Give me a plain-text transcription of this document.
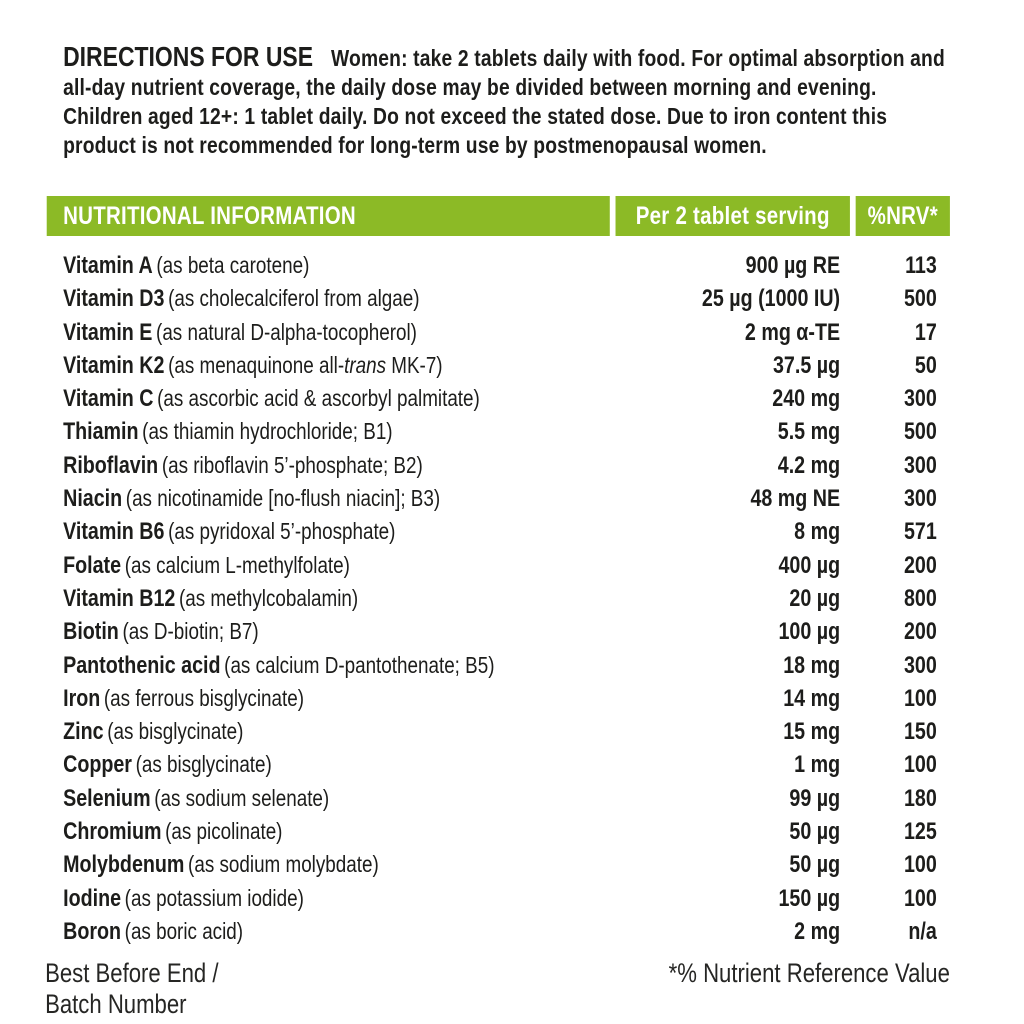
DIRECTIONS FOR USE Women: take 2 tablets daily with food. For optimal absorption and
all-day nutrient coverage, the daily dose may be divided between morning and evening.
Children aged 12+: 1 tablet daily. Do not exceed the stated dose. Due to iron content this
product is not recommended for long-term use by postmenopausal women.
NUTRITIONAL INFORMATION	Per 2 tablet serving	%NRV*
Vitamin A (as beta carotene)	900 µg RE	113
Vitamin D3 (as cholecalciferol from algae)	25 µg (1000 IU)	500
Vitamin E (as natural D-alpha-tocopherol)	2 mg α-TE	17
Vitamin K2 (as menaquinone all-trans MK-7)	37.5 µg	50
Vitamin C (as ascorbic acid & ascorbyl palmitate)	240 mg	300
Thiamin (as thiamin hydrochloride; B1)	5.5 mg	500
Riboflavin (as riboflavin 5’-phosphate; B2)	4.2 mg	300
Niacin (as nicotinamide [no-flush niacin]; B3)	48 mg NE	300
Vitamin B6 (as pyridoxal 5’-phosphate)	8 mg	571
Folate (as calcium L-methylfolate)	400 µg	200
Vitamin B12 (as methylcobalamin)	20 µg	800
Biotin (as D-biotin; B7)	100 µg	200
Pantothenic acid (as calcium D-pantothenate; B5)	18 mg	300
Iron (as ferrous bisglycinate)	14 mg	100
Zinc (as bisglycinate)	15 mg	150
Copper (as bisglycinate)	1 mg	100
Selenium (as sodium selenate)	99 µg	180
Chromium (as picolinate)	50 µg	125
Molybdenum (as sodium molybdate)	50 µg	100
Iodine (as potassium iodide)	150 µg	100
Boron (as boric acid)	2 mg	n/a
Best Before End /
Batch Number
*% Nutrient Reference Value
